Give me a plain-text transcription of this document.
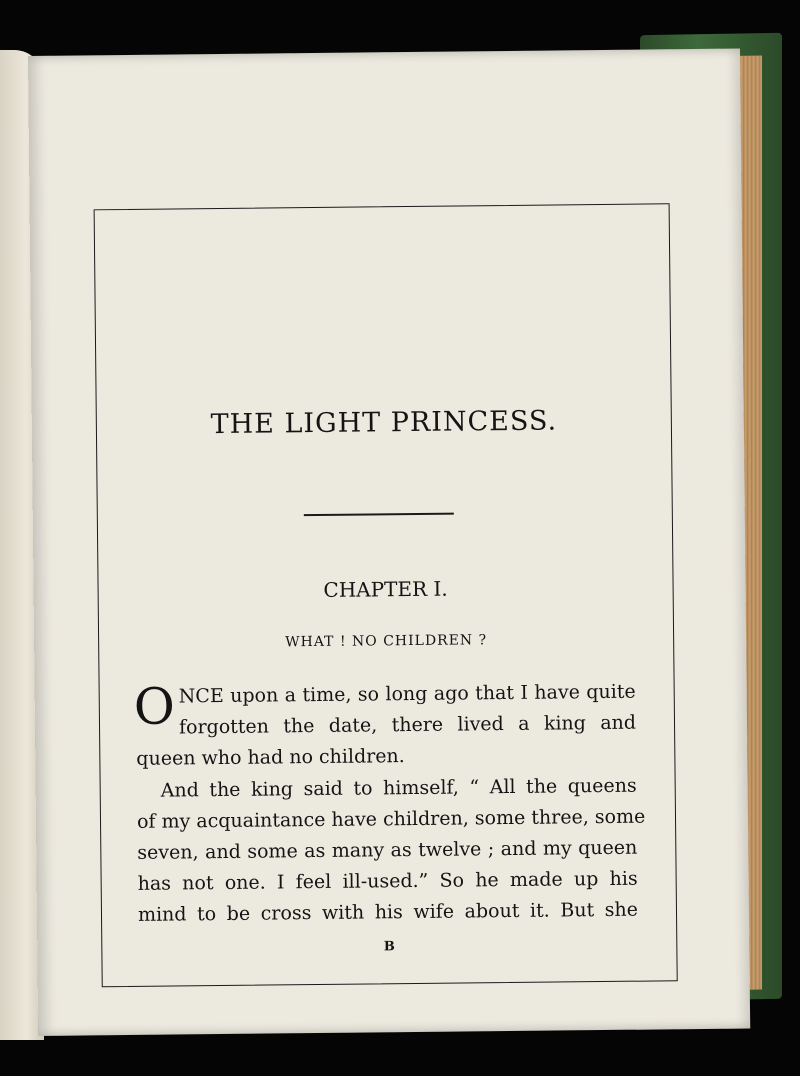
THE LIGHT PRINCESS.
CHAPTER I.
WHAT ! NO CHILDREN ?
O NCE upon a time, so long ago that I have quite
forgotten the date, there lived a king and
queen who had no children.
And the king said to himself, “ All the queens
of my acquaintance have children, some three, some
seven, and some as many as twelve ; and my queen
has not one. I feel ill-used.” So he made up his
mind to be cross with his wife about it. But she
B
